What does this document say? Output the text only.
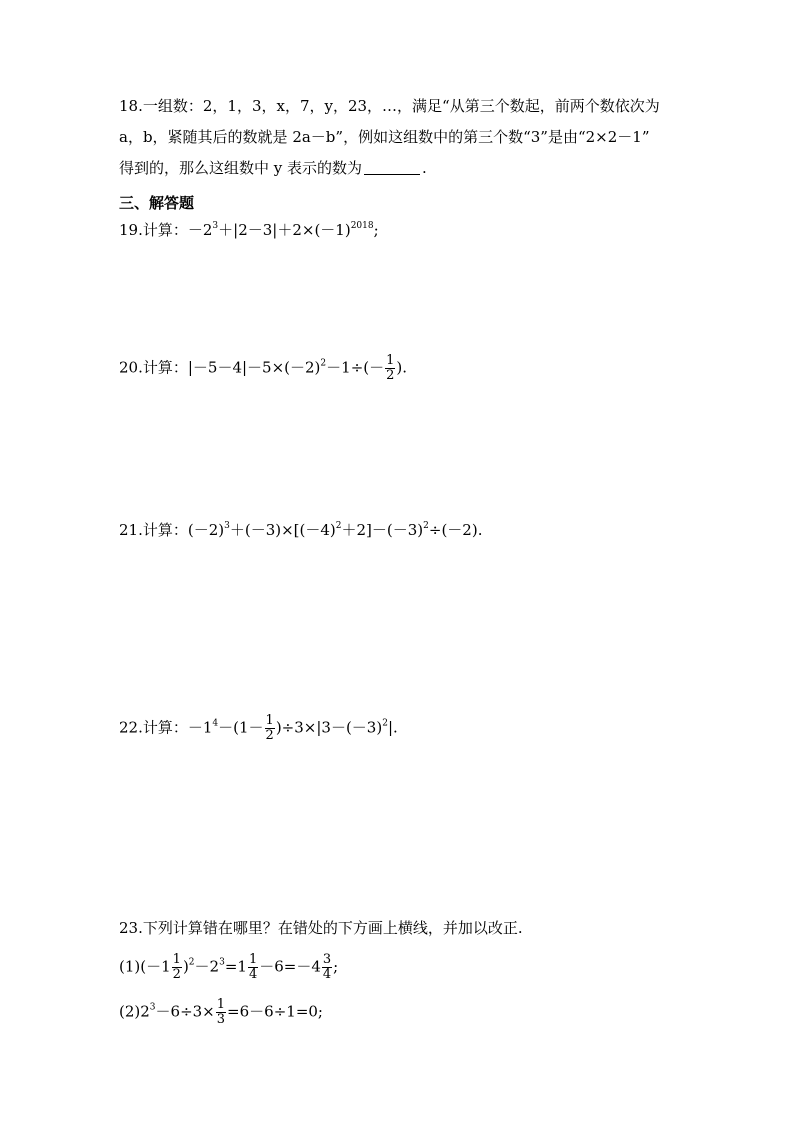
18.一组数：2，1，3，x，7，y，23，…，满足“从第三个数起，前两个数依次为
a，b，紧随其后的数就是 2a－b”，例如这组数中的第三个数“3”是由“2×2－1”
得到的，那么这组数中 y 表示的数为	.
三、解答题
19.计算：$-2^3+|2-3|+2\times(-1)^{2018}$;
20.计算：$|-5-4|-5\times(-2)^2-1\div(- \frac{1}{2}$ ).
21.计算：$(-2)^3+(-3)\times[(-4)^2+2]-(-3)^2\div(-2)$.
22.计算：$-1^4-(1- \frac{1}{2} )\div 3\times|3-(-3)^2|$.
23.下列计算错在哪里？在错处的下方画上横线，并加以改正.
$(1)(-1 \frac{1}{2} )^2-2^3=1 \frac{1}{4} -6=-4 \frac{3}{4}$ ;
$(2)2^3-6\div 3\times \frac{1}{3} =6-6\div 1=0$;
